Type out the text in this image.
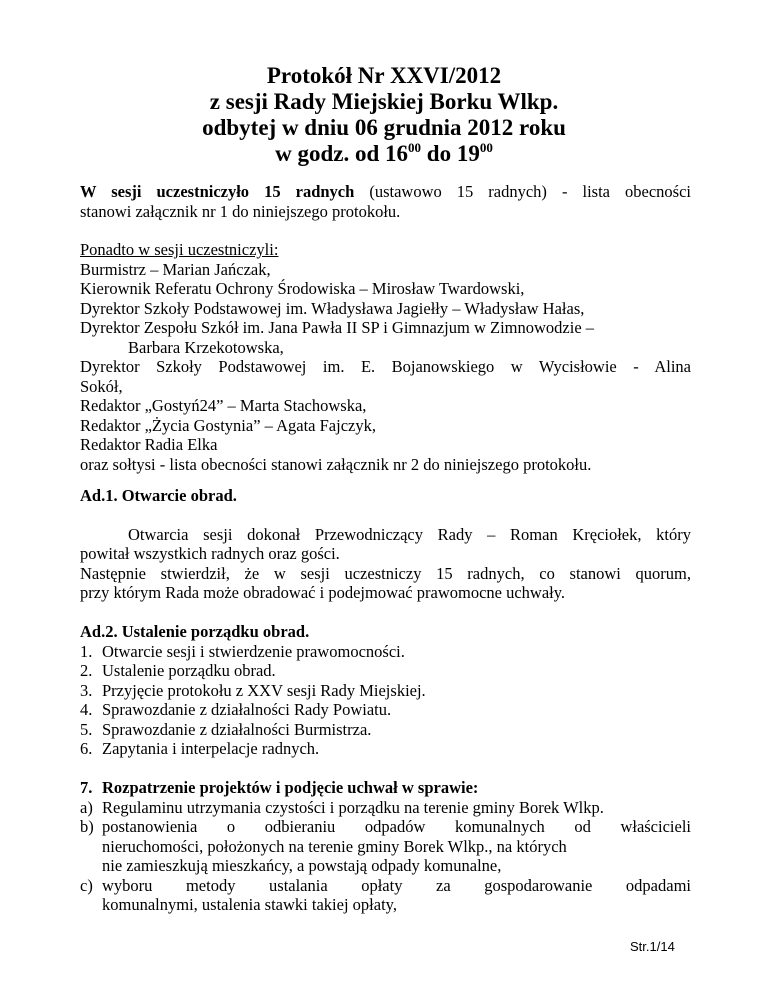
Protokół Nr XXVI/2012
z sesji Rady Miejskiej Borku Wlkp.
odbytej w dniu 06 grudnia 2012 roku
w godz. od $16^{00}$ do $19^{00}$
W sesji uczestniczyło 15 radnych (ustawowo 15 radnych) - lista obecności
stanowi załącznik nr 1 do niniejszego protokołu.
Ponadto w sesji uczestniczyli:
Burmistrz – Marian Jańczak,
Kierownik Referatu Ochrony Środowiska – Mirosław Twardowski,
Dyrektor Szkoły Podstawowej im. Władysława Jagiełły – Władysław Hałas,
Dyrektor Zespołu Szkół im. Jana Pawła II SP i Gimnazjum w Zimnowodzie –
Barbara Krzekotowska,
Dyrektor Szkoły Podstawowej im. E. Bojanowskiego w Wycisłowie - Alina
Sokół,
Redaktor „Gostyń24” – Marta Stachowska,
Redaktor „Życia Gostynia” – Agata Fajczyk,
Redaktor Radia Elka
oraz sołtysi - lista obecności stanowi załącznik nr 2 do niniejszego protokołu.
Ad.1. Otwarcie obrad.
Otwarcia sesji dokonał Przewodniczący Rady – Roman Kręciołek, który
powitał wszystkich radnych oraz gości.
Następnie stwierdził, że w sesji uczestniczy 15 radnych, co stanowi quorum,
przy którym Rada może obradować i podejmować prawomocne uchwały.
Ad.2. Ustalenie porządku obrad.
1. Otwarcie sesji i stwierdzenie prawomocności.
2. Ustalenie porządku obrad.
3. Przyjęcie protokołu z XXV sesji Rady Miejskiej.
4. Sprawozdanie z działalności Rady Powiatu.
5. Sprawozdanie z działalności Burmistrza.
6. Zapytania i interpelacje radnych.
7. Rozpatrzenie projektów i podjęcie uchwał w sprawie:
a) Regulaminu utrzymania czystości i porządku na terenie gminy Borek Wlkp.
b) postanowienia o odbieraniu odpadów komunalnych od właścicieli
nieruchomości, położonych na terenie gminy Borek Wlkp., na których
nie zamieszkują mieszkańcy, a powstają odpady komunalne,
c) wyboru metody ustalania opłaty za gospodarowanie odpadami
komunalnymi, ustalenia stawki takiej opłaty,
Str.1/14
